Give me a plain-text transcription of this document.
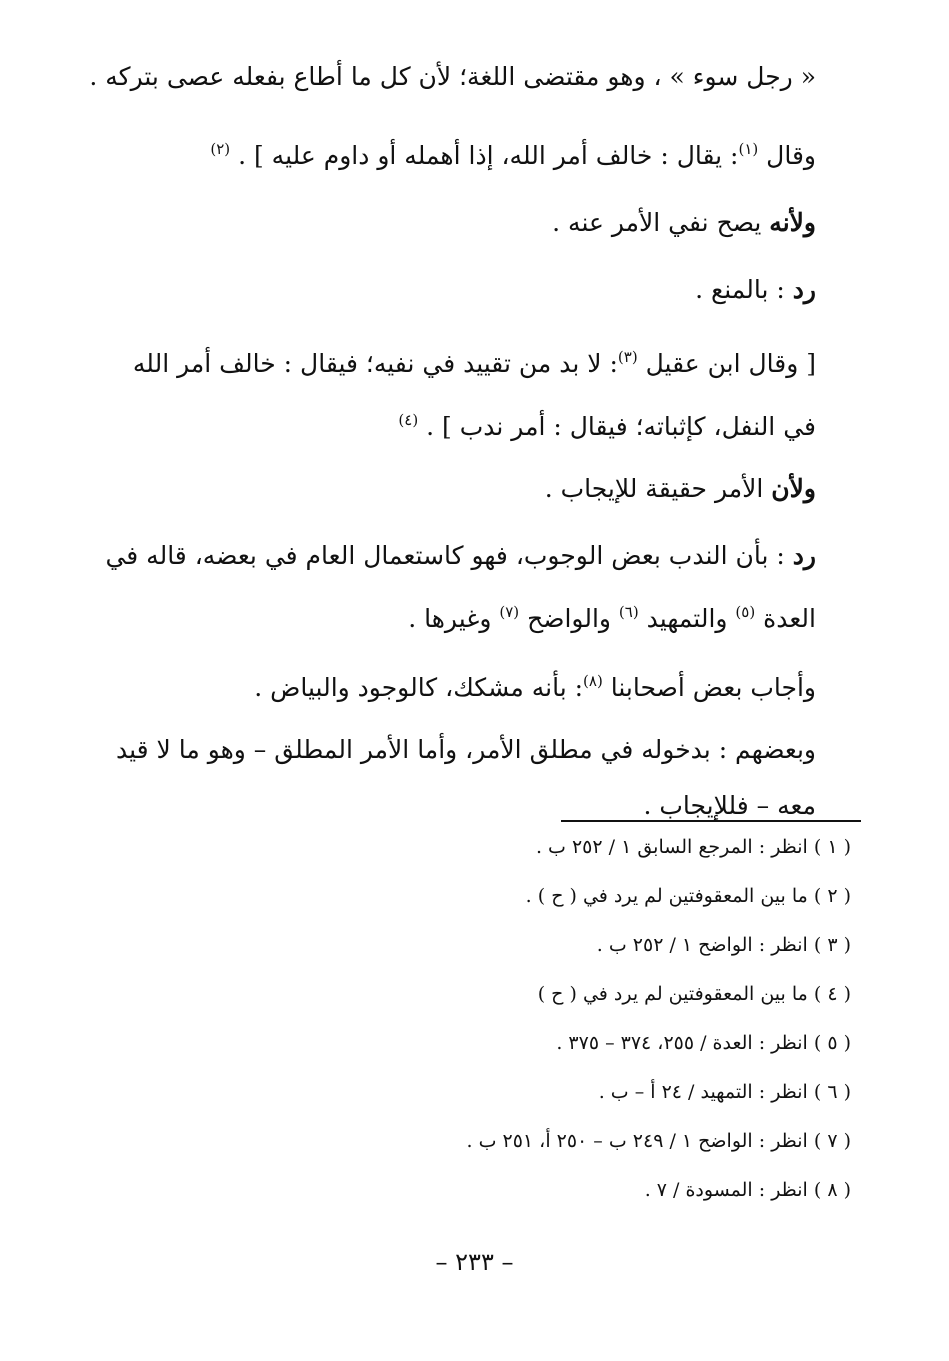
« رجل سوء » ، وهو مقتضى اللغة؛ لأن كل ما أطاع بفعله عصى بتركه .

وقال $^{(١)}$: يقال : خالف أمر الله، إذا أهمله أو داوم عليه ] . $^{(٢)}$

ولأنه يصح نفي الأمر عنه .

رد : بالمنع .

[ وقال ابن عقيل $^{(٣)}$: لا بد من تقييد في نفيه؛ فيقال : خالف أمر الله

في النفل، كإثباته؛ فيقال : أمر ندب ] . $^{(٤)}$

ولأن الأمر حقيقة للإيجاب .

رد : بأن الندب بعض الوجوب، فهو كاستعمال العام في بعضه، قاله في

العدة $^{(٥)}$ والتمهيد $^{(٦)}$ والواضح $^{(٧)}$ وغيرها .

وأجاب بعض أصحابنا $^{(٨)}$: بأنه مشكك، كالوجود والبياض .

وبعضهم : بدخوله في مطلق الأمر، وأما الأمر المطلق – وهو ما لا قيد

معه – فللإيجاب .

( ١ ) انظر : المرجع السابق ١ / ٢٥٢ ب .

( ٢ ) ما بين المعقوفتين لم يرد في ( ح ) .

( ٣ ) انظر : الواضح ١ / ٢٥٢ ب .

( ٤ ) ما بين المعقوفتين لم يرد في ( ح )

( ٥ ) انظر : العدة / ٢٥٥، ٣٧٤ – ٣٧٥ .

( ٦ ) انظر : التمهيد / ٢٤ أ – ب .

( ٧ ) انظر : الواضح ١ / ٢٤٩ ب – ٢٥٠ أ، ٢٥١ ب .

( ٨ ) انظر : المسودة / ٧ .

– ٢٣٣ –
